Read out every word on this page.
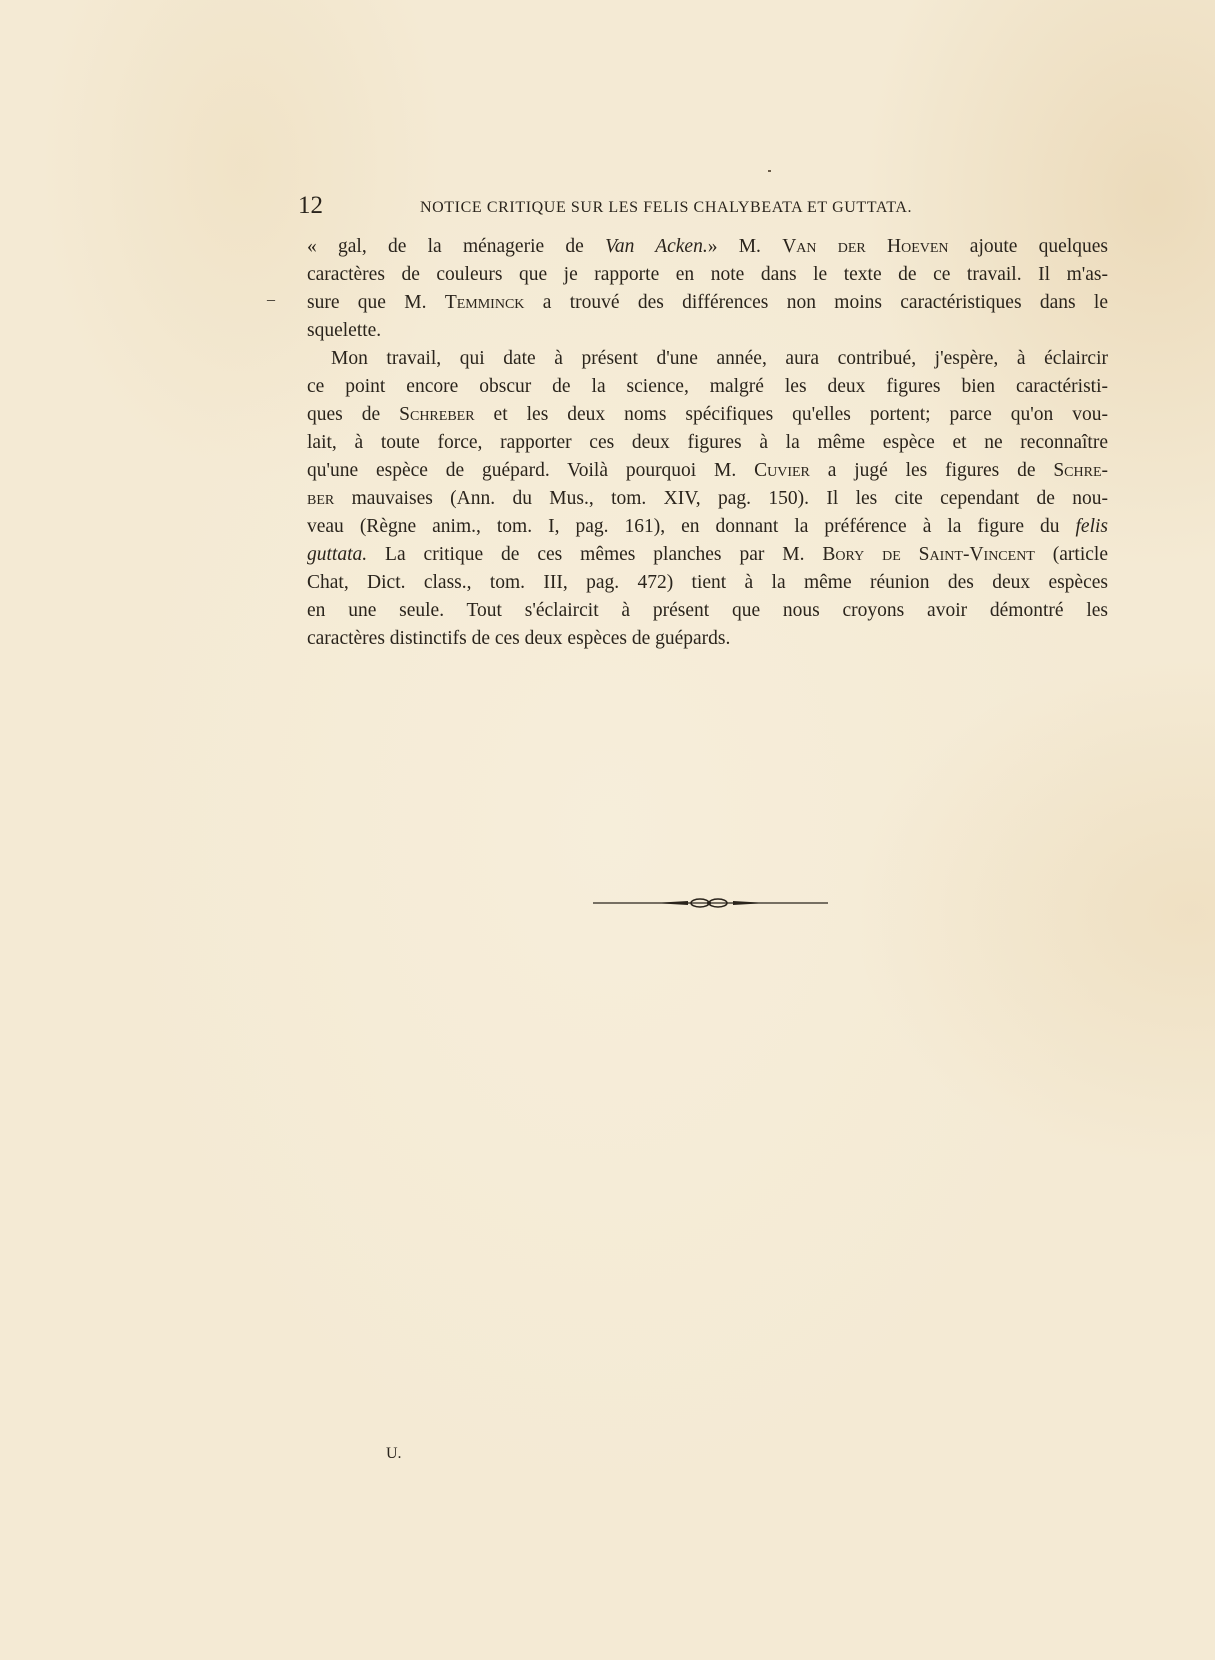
12	NOTICE CRITIQUE SUR LES FELIS CHALYBEATA ET GUTTATA.
_
« gal, de la ménagerie de Van Acken.» M. Van der Hoeven ajoute quelques
caractères de couleurs que je rapporte en note dans le texte de ce travail. Il m'as-
sure que M. Temminck a trouvé des différences non moins caractéristiques dans le
squelette.
Mon travail, qui date à présent d'une année, aura contribué, j'espère, à éclaircir
ce point encore obscur de la science, malgré les deux figures bien caractéristi-
ques de Schreber et les deux noms spécifiques qu'elles portent; parce qu'on vou-
lait, à toute force, rapporter ces deux figures à la même espèce et ne reconnaître
qu'une espèce de guépard. Voilà pourquoi M. Cuvier a jugé les figures de Schre-
ber mauvaises (Ann. du Mus., tom. XIV, pag. 150). Il les cite cependant de nou-
veau (Règne anim., tom. I, pag. 161), en donnant la préférence à la figure du felis
guttata. La critique de ces mêmes planches par M. Bory de Saint-Vincent (article
Chat, Dict. class., tom. III, pag. 472) tient à la même réunion des deux espèces
en une seule. Tout s'éclaircit à présent que nous croyons avoir démontré les
caractères distinctifs de ces deux espèces de guépards.
U.
